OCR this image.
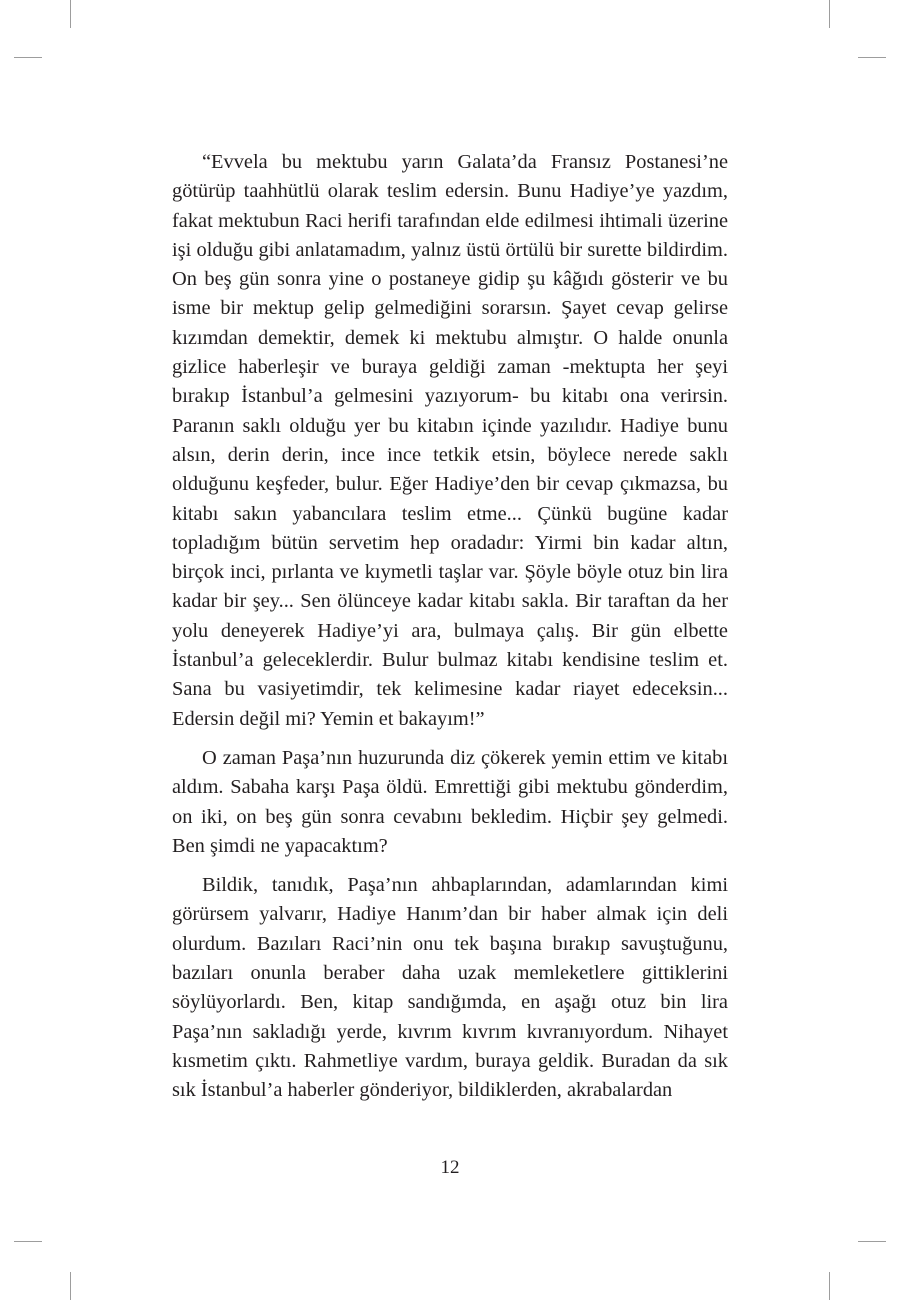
“Evvela bu mektubu yarın Galata’da Fransız Postanesi’ne götürüp taahhütlü olarak teslim edersin. Bunu Hadiye’ye yazdım, fakat mektubun Raci herifi tarafından elde edilmesi ihtimali üzerine işi olduğu gibi anlatamadım, yalnız üstü örtülü bir surette bildirdim. On beş gün sonra yine o postaneye gidip şu kâğıdı gösterir ve bu isme bir mektup gelip gelmediğini sorarsın. Şayet cevap gelirse kızımdan demektir, demek ki mektubu almıştır. O halde onunla gizlice haberleşir ve buraya geldiği zaman -mektupta her şeyi bırakıp İstanbul’a gelmesini yazıyorum- bu kitabı ona verirsin. Paranın saklı olduğu yer bu kitabın içinde yazılıdır. Hadiye bunu alsın, derin derin, ince ince tetkik etsin, böylece nerede saklı olduğunu keşfeder, bulur. Eğer Hadiye’den bir cevap çıkmazsa, bu kitabı sakın yabancılara teslim etme... Çünkü bugüne kadar topladığım bütün servetim hep oradadır: Yirmi bin kadar altın, birçok inci, pırlanta ve kıymetli taşlar var. Şöyle böyle otuz bin lira kadar bir şey... Sen ölünceye kadar kitabı sakla. Bir taraftan da her yolu deneyerek Hadiye’yi ara, bulmaya çalış. Bir gün elbette İstanbul’a geleceklerdir. Bulur bulmaz kitabı kendisine teslim et. Sana bu vasiyetimdir, tek kelimesine kadar riayet edeceksin... Edersin değil mi? Yemin et bakayım!”

O zaman Paşa’nın huzurunda diz çökerek yemin ettim ve kitabı aldım. Sabaha karşı Paşa öldü. Emrettiği gibi mektubu gönderdim, on iki, on beş gün sonra cevabını bekledim. Hiçbir şey gelmedi. Ben şimdi ne yapacaktım?

Bildik, tanıdık, Paşa’nın ahbaplarından, adamlarından kimi görürsem yalvarır, Hadiye Hanım’dan bir haber almak için deli olurdum. Bazıları Raci’nin onu tek başına bırakıp savuştuğunu, bazıları onunla beraber daha uzak memleketlere gittiklerini söylüyorlardı. Ben, kitap sandığımda, en aşağı otuz bin lira Paşa’nın sakladığı yerde, kıvrım kıvrım kıvranıyordum. Nihayet kısmetim çıktı. Rahmetliye vardım, buraya geldik. Buradan da sık sık İstanbul’a haberler gönderiyor, bildiklerden, akrabalardan

12
